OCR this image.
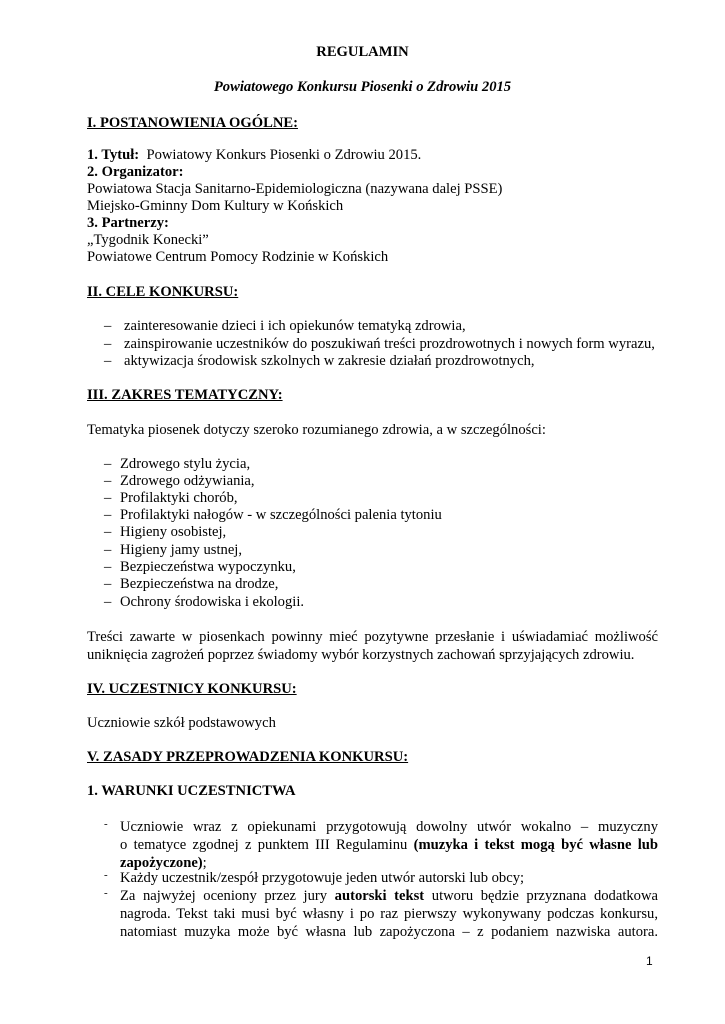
REGULAMIN
Powiatowego Konkursu Piosenki o Zdrowiu 2015
I. POSTANOWIENIA OGÓLNE:
1. Tytuł: Powiatowy Konkurs Piosenki o Zdrowiu 2015.
2. Organizator:
Powiatowa Stacja Sanitarno-Epidemiologiczna (nazywana dalej PSSE)
Miejsko-Gminny Dom Kultury w Końskich
3. Partnerzy:
„Tygodnik Konecki”
Powiatowe Centrum Pomocy Rodzinie w Końskich
II. CELE KONKURSU:
– zainteresowanie dzieci i ich opiekunów tematyką zdrowia,
– zainspirowanie uczestników do poszukiwań treści prozdrowotnych i nowych form wyrazu,
– aktywizacja środowisk szkolnych w zakresie działań prozdrowotnych,
III. ZAKRES TEMATYCZNY:
Tematyka piosenek dotyczy szeroko rozumianego zdrowia, a w szczególności:
– Zdrowego stylu życia,
– Zdrowego odżywiania,
– Profilaktyki chorób,
– Profilaktyki nałogów - w szczególności palenia tytoniu
– Higieny osobistej,
– Higieny jamy ustnej,
– Bezpieczeństwa wypoczynku,
– Bezpieczeństwa na drodze,
– Ochrony środowiska i ekologii.
Treści zawarte w piosenkach powinny mieć pozytywne przesłanie i uświadamiać możliwość
uniknięcia zagrożeń poprzez świadomy wybór korzystnych zachowań sprzyjających zdrowiu.
IV. UCZESTNICY KONKURSU:
Uczniowie szkół podstawowych
V. ZASADY PRZEPROWADZENIA KONKURSU:
1. WARUNKI UCZESTNICTWA
- Uczniowie wraz z opiekunami przygotowują dowolny utwór wokalno – muzyczny
o tematyce zgodnej z punktem III Regulaminu (muzyka i tekst mogą być własne lub
zapożyczone);
- Każdy uczestnik/zespół przygotowuje jeden utwór autorski lub obcy;
- Za najwyżej oceniony przez jury autorski tekst utworu będzie przyznana dodatkowa
nagroda. Tekst taki musi być własny i po raz pierwszy wykonywany podczas konkursu,
natomiast muzyka może być własna lub zapożyczona – z podaniem nazwiska autora.
1
